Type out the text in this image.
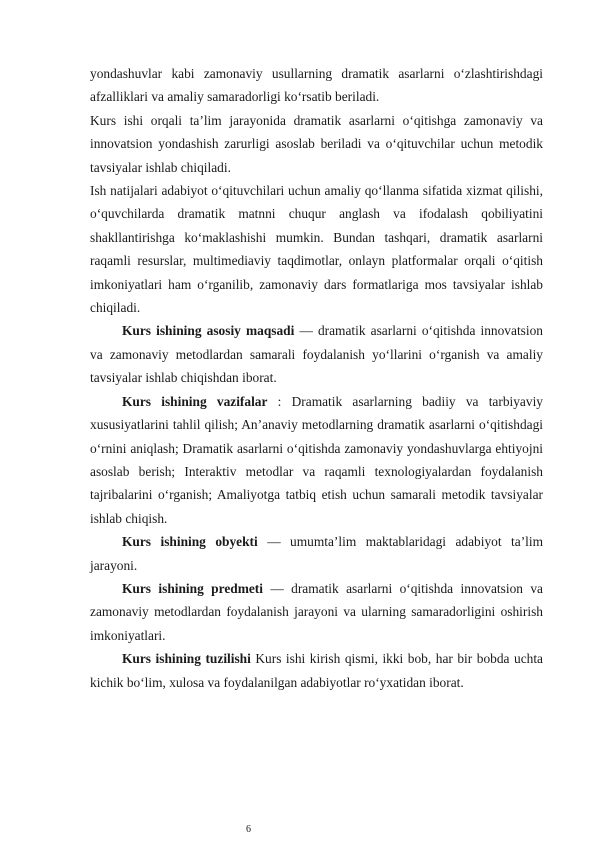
yondashuvlar kabi zamonaviy usullarning dramatik asarlarni o‘zlashtirishdagi afzalliklari va amaliy samaradorligi ko‘rsatib beriladi.

Kurs ishi orqali ta’lim jarayonida dramatik asarlarni o‘qitishga zamonaviy va innovatsion yondashish zarurligi asoslab beriladi va o‘qituvchilar uchun metodik tavsiyalar ishlab chiqiladi.

Ish natijalari adabiyot o‘qituvchilari uchun amaliy qo‘llanma sifatida xizmat qilishi, o‘quvchilarda dramatik matnni chuqur anglash va ifodalash qobiliyatini shakllantirishga ko‘maklashishi mumkin. Bundan tashqari, dramatik asarlarni raqamli resurslar, multimediaviy taqdimotlar, onlayn platformalar orqali o‘qitish imkoniyatlari ham o‘rganilib, zamonaviy dars formatlariga mos tavsiyalar ishlab chiqiladi.

Kurs ishining asosiy maqsadi — dramatik asarlarni o‘qitishda innovatsion va zamonaviy metodlardan samarali foydalanish yo‘llarini o‘rganish va amaliy tavsiyalar ishlab chiqishdan iborat.

Kurs ishining vazifalar : Dramatik asarlarning badiiy va tarbiyaviy xususiyatlarini tahlil qilish; An’anaviy metodlarning dramatik asarlarni o‘qitishdagi o‘rnini aniqlash; Dramatik asarlarni o‘qitishda zamonaviy yondashuvlarga ehtiyojni asoslab berish; Interaktiv metodlar va raqamli texnologiyalardan foydalanish tajribalarini o‘rganish; Amaliyotga tatbiq etish uchun samarali metodik tavsiyalar ishlab chiqish.

Kurs ishining obyekti — umumta’lim maktablaridagi adabiyot ta’lim jarayoni.

Kurs ishining predmeti — dramatik asarlarni o‘qitishda innovatsion va zamonaviy metodlardan foydalanish jarayoni va ularning samaradorligini oshirish imkoniyatlari.

Kurs ishining tuzilishi Kurs ishi kirish qismi, ikki bob, har bir bobda uchta kichik bo‘lim, xulosa va foydalanilgan adabiyotlar ro‘yxatidan iborat.

6
